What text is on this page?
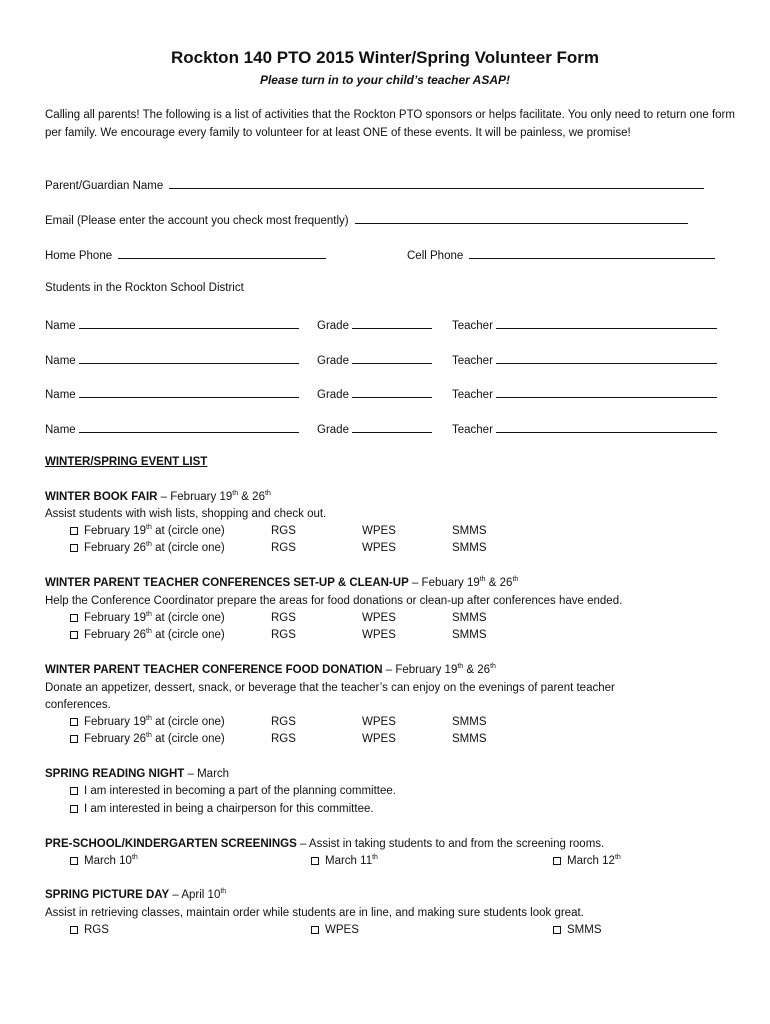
Rockton 140 PTO 2015 Winter/Spring Volunteer Form
Please turn in to your child’s teacher ASAP!
Calling all parents! The following is a list of activities that the Rockton PTO sponsors or helps facilitate. You only need to return one form per family. We encourage every family to volunteer for at least ONE of these events. It will be painless, we promise!
Parent/Guardian Name
Email (Please enter the account you check most frequently)
Home Phone	Cell Phone
Students in the Rockton School District
Name	Grade	Teacher
Name	Grade	Teacher
Name	Grade	Teacher
Name	Grade	Teacher
WINTER/SPRING EVENT LIST
WINTER BOOK FAIR – February 19th & 26th
Assist students with wish lists, shopping and check out.
February 19th at (circle one)	RGS	WPES	SMMS
February 26th at (circle one)	RGS	WPES	SMMS
WINTER PARENT TEACHER CONFERENCES SET-UP & CLEAN-UP – Febuary 19th & 26th
Help the Conference Coordinator prepare the areas for food donations or clean-up after conferences have ended.
February 19th at (circle one)	RGS	WPES	SMMS
February 26th at (circle one)	RGS	WPES	SMMS
WINTER PARENT TEACHER CONFERENCE FOOD DONATION – February 19th & 26th
Donate an appetizer, dessert, snack, or beverage that the teacher’s can enjoy on the evenings of parent teacher
conferences.
February 19th at (circle one)	RGS	WPES	SMMS
February 26th at (circle one)	RGS	WPES	SMMS
SPRING READING NIGHT – March
I am interested in becoming a part of the planning committee.
I am interested in being a chairperson for this committee.
PRE-SCHOOL/KINDERGARTEN SCREENINGS – Assist in taking students to and from the screening rooms.
March 10th	March 11th	March 12th
SPRING PICTURE DAY – April 10th
Assist in retrieving classes, maintain order while students are in line, and making sure students look great.
RGS	WPES	SMMS
